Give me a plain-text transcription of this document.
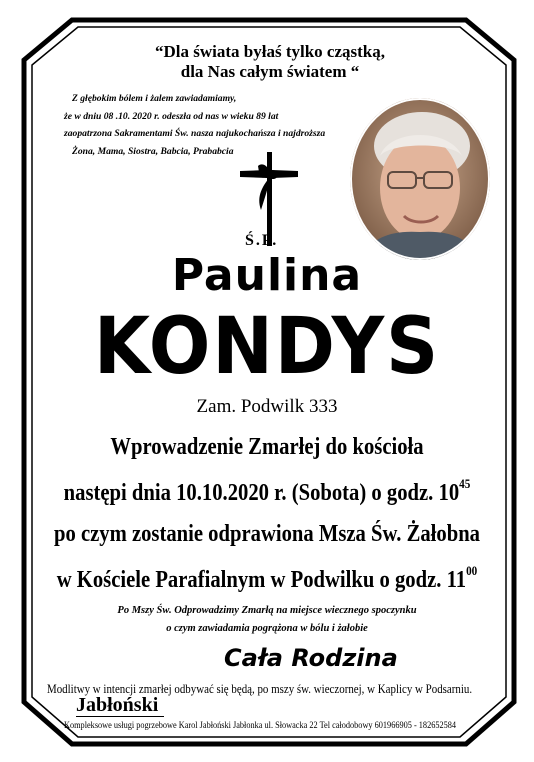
“Dla świata byłaś tylko cząstką,
dla Nas całym światem “
Z głębokim bólem i żalem zawiadamiamy,
że w dniu 08 .10. 2020 r. odeszła od nas w wieku 89 lat
zaopatrzona Sakramentami Św. nasza najukochańsza i najdroższa
Żona, Mama, Siostra, Babcia, Prababcia
Ś.P.
Paulina
KONDYS
Zam. Podwilk 333
Wprowadzenie Zmarłej do kościoła
następi dnia 10.10.2020 r. (Sobota) o godz. $10^{45}$
po czym zostanie odprawiona Msza Św. Żałobna
w Kościele Parafialnym w Podwilku o godz. $11^{00}$
Po Mszy Św. Odprowadzimy Zmarłą na miejsce wiecznego spoczynku
o czym zawiadamia pogrążona w bólu i żałobie
Cała Rodzina
Modlitwy w intencji zmarłej odbywać się będą, po mszy św. wieczornej, w Kaplicy w Podsarniu.
Jabłoński
Kompleksowe usługi pogrzebowe Karol Jabłoński Jabłonka ul. Słowacka 22 Tel całodobowy 601966905 - 182652584
